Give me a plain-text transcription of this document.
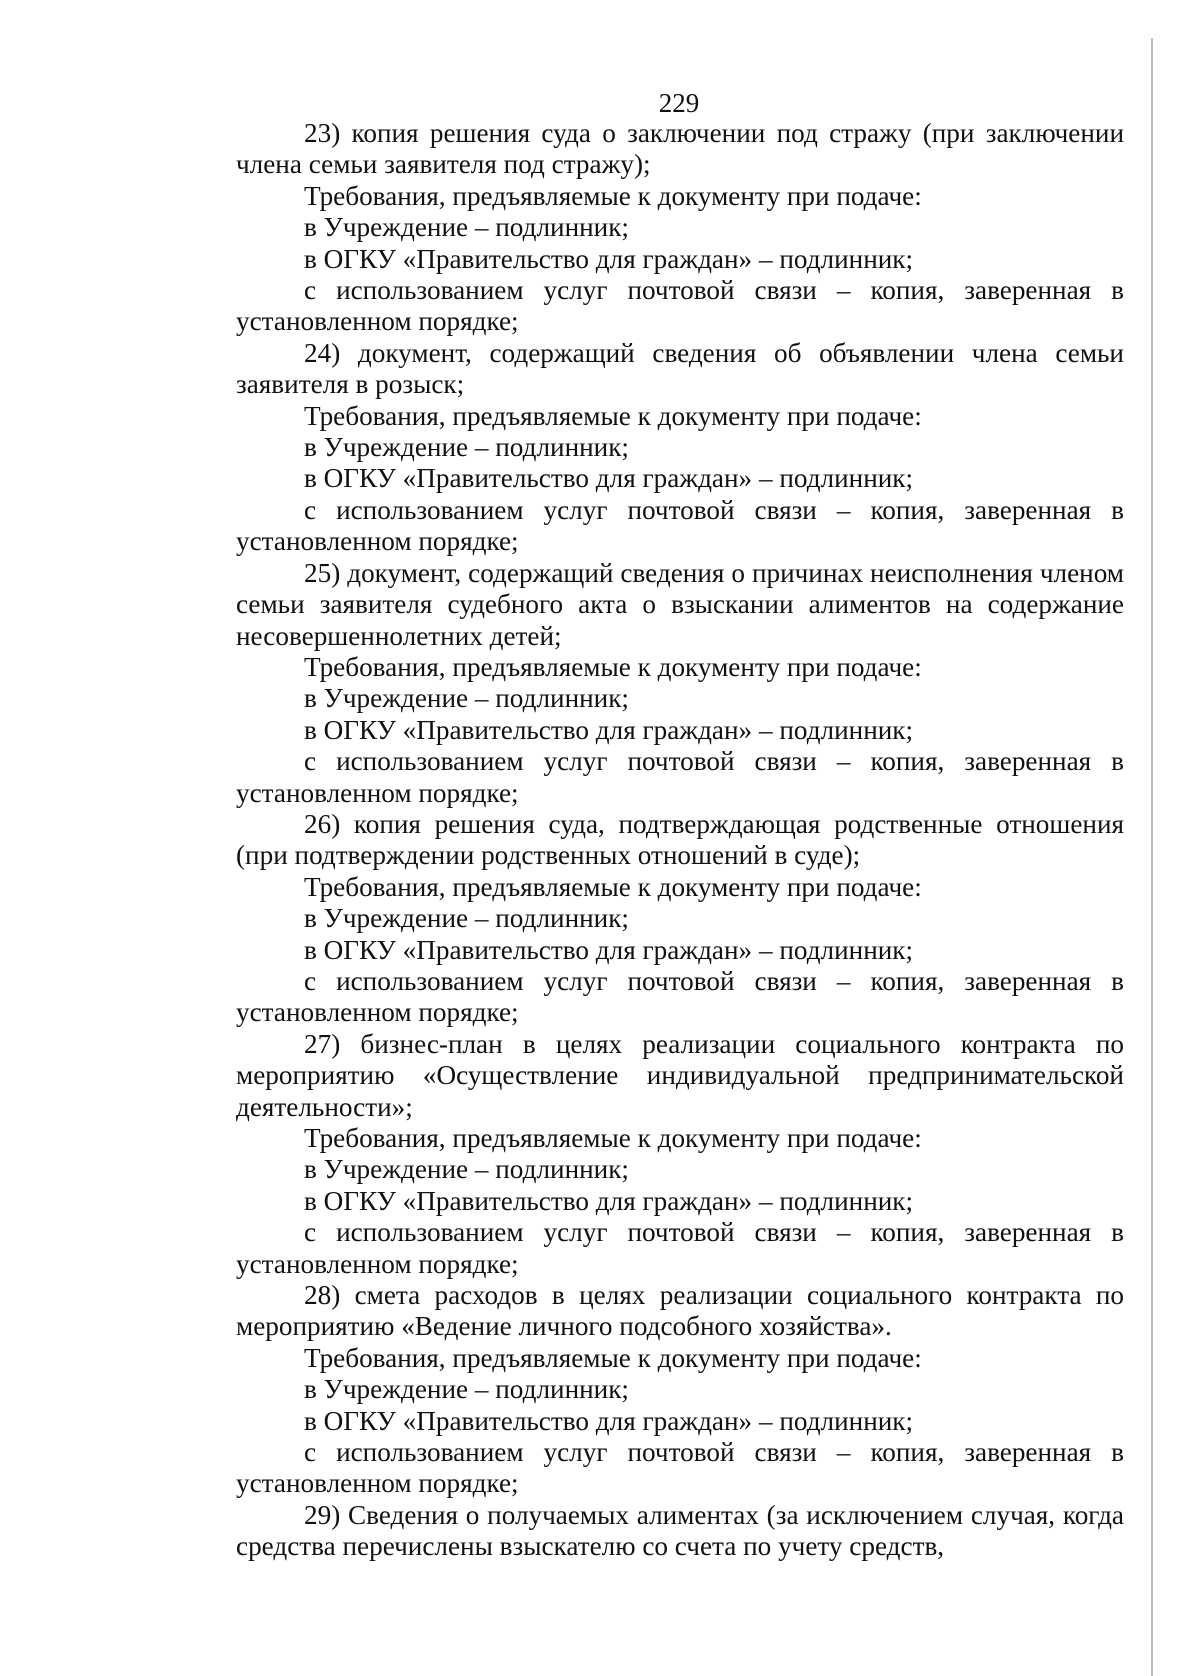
229

23) копия решения суда о заключении под стражу (при заключении члена семьи заявителя под стражу);

Требования, предъявляемые к документу при подаче:

в Учреждение – подлинник;

в ОГКУ «Правительство для граждан» – подлинник;

с использованием услуг почтовой связи – копия, заверенная в установленном порядке;

24) документ, содержащий сведения об объявлении члена семьи заявителя в розыск;

Требования, предъявляемые к документу при подаче:

в Учреждение – подлинник;

в ОГКУ «Правительство для граждан» – подлинник;

с использованием услуг почтовой связи – копия, заверенная в установленном порядке;

25) документ, содержащий сведения о причинах неисполнения членом семьи заявителя судебного акта о взыскании алиментов на содержание несовершеннолетних детей;

Требования, предъявляемые к документу при подаче:

в Учреждение – подлинник;

в ОГКУ «Правительство для граждан» – подлинник;

с использованием услуг почтовой связи – копия, заверенная в установленном порядке;

26) копия решения суда, подтверждающая родственные отношения (при подтверждении родственных отношений в суде);

Требования, предъявляемые к документу при подаче:

в Учреждение – подлинник;

в ОГКУ «Правительство для граждан» – подлинник;

с использованием услуг почтовой связи – копия, заверенная в установленном порядке;

27) бизнес-план в целях реализации социального контракта по мероприятию «Осуществление индивидуальной предпринимательской деятельности»;

Требования, предъявляемые к документу при подаче:

в Учреждение – подлинник;

в ОГКУ «Правительство для граждан» – подлинник;

с использованием услуг почтовой связи – копия, заверенная в установленном порядке;

28) смета расходов в целях реализации социального контракта по мероприятию «Ведение личного подсобного хозяйства».

Требования, предъявляемые к документу при подаче:

в Учреждение – подлинник;

в ОГКУ «Правительство для граждан» – подлинник;

с использованием услуг почтовой связи – копия, заверенная в установленном порядке;

29) Сведения о получаемых алиментах (за исключением случая, когда средства перечислены взыскателю со счета по учету средств,
